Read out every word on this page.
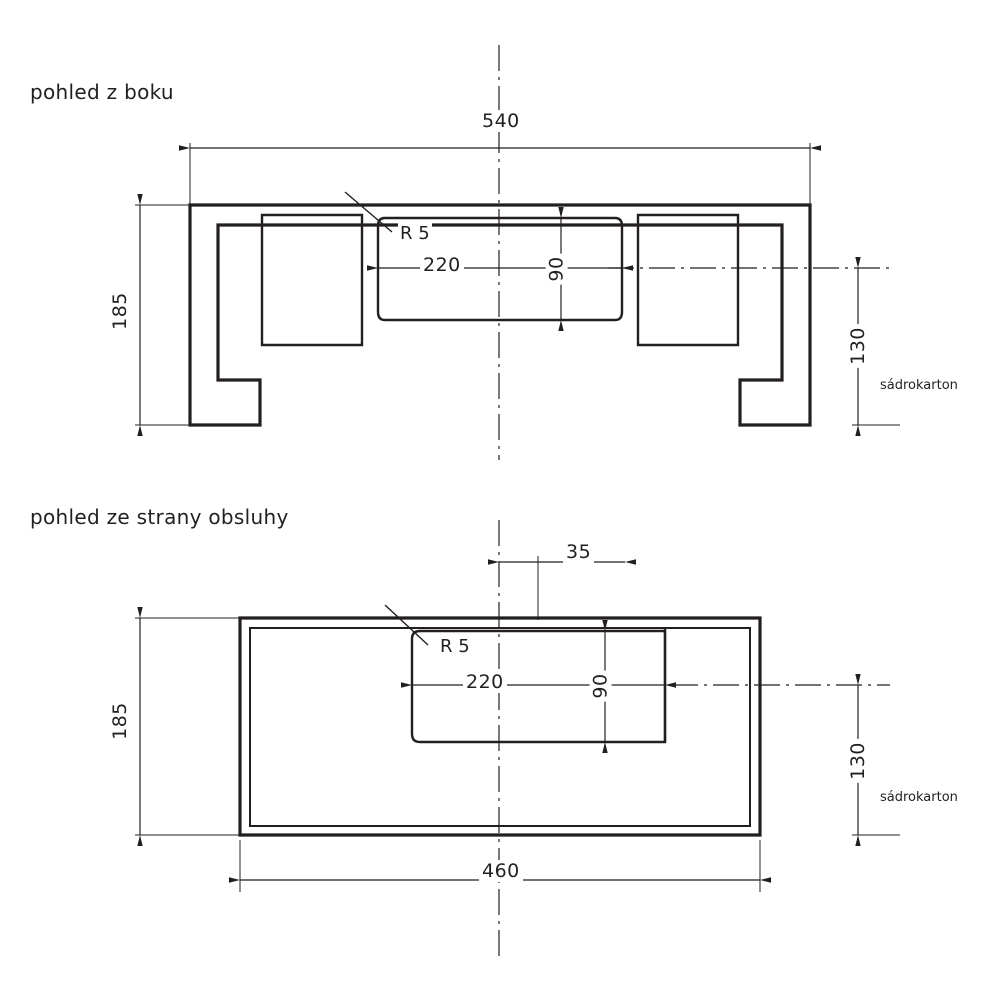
pohled z boku
540
185
220	90
130
R 5
sádrokarton
pohled ze strany obsluhy
35
185
220	90
130
460
R 5
sádrokarton
